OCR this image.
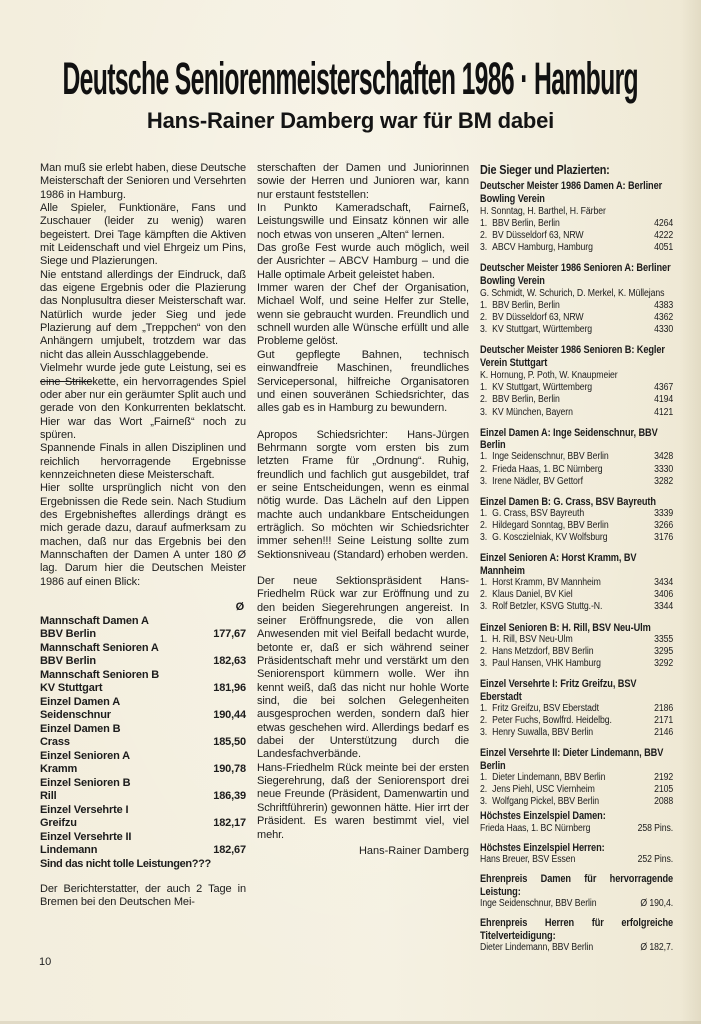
Deutsche Seniorenmeisterschaften 1986 · Hamburg
Hans-Rainer Damberg war für BM dabei

Man muß sie erlebt haben, diese Deutsche Meisterschaft der Senioren und Versehrten 1986 in Hamburg.

Alle Spieler, Funktionäre, Fans und Zuschauer (leider zu wenig) waren begeistert. Drei Tage kämpften die Aktiven mit Leidenschaft und viel Ehrgeiz um Pins, Siege und Plazierungen.

Nie entstand allerdings der Eindruck, daß das eigene Ergebnis oder die Plazierung das Nonplusultra dieser Meisterschaft war. Natürlich wurde jeder Sieg und jede Plazierung auf dem „Treppchen“ von den Anhängern umjubelt, trotzdem war das nicht das allein Ausschlaggebende.

Vielmehr wurde jede gute Leistung, sei es eine Strikekette, ein hervorragendes Spiel oder aber nur ein geräumter Split auch und gerade von den Konkurrenten beklatscht. Hier war das Wort „Fairneß“ noch zu spüren.

Spannende Finals in allen Disziplinen und reichlich hervorragende Ergebnisse kennzeichneten diese Meisterschaft.

Hier sollte ursprünglich nicht von den Ergebnissen die Rede sein. Nach Studium des Ergebnisheftes allerdings drängt es mich gerade dazu, darauf aufmerksam zu machen, daß nur das Ergebnis bei den Mannschaften der Damen A unter 180 Ø lag. Darum hier die Deutschen Meister 1986 auf einen Blick:

Ø
Mannschaft Damen A
BBV Berlin	177,67
Mannschaft Senioren A
BBV Berlin	182,63
Mannschaft Senioren B
KV Stuttgart	181,96
Einzel Damen A
Seidenschnur	190,44
Einzel Damen B
Crass	185,50
Einzel Senioren A
Kramm	190,78
Einzel Senioren B
Rill	186,39
Einzel Versehrte I
Greifzu	182,17
Einzel Versehrte II
Lindemann	182,67
Sind das nicht tolle Leistungen???

Der Berichterstatter, der auch 2 Tage in Bremen bei den Deutschen Mei-

sterschaften der Damen und Juniorinnen sowie der Herren und Junioren war, kann nur erstaunt feststellen:

In Punkto Kameradschaft, Fairneß, Leistungswille und Einsatz können wir alle noch etwas von unseren „Alten“ lernen.

Das große Fest wurde auch möglich, weil der Ausrichter – ABCV Hamburg – und die Halle optimale Arbeit geleistet haben.

Immer waren der Chef der Organisation, Michael Wolf, und seine Helfer zur Stelle, wenn sie gebraucht wurden. Freundlich und schnell wurden alle Wünsche erfüllt und alle Probleme gelöst.

Gut gepflegte Bahnen, technisch einwandfreie Maschinen, freundliches Servicepersonal, hilfreiche Organisatoren und einen souveränen Schiedsrichter, das alles gab es in Hamburg zu bewundern.

Apropos Schiedsrichter: Hans-Jürgen Behrmann sorgte vom ersten bis zum letzten Frame für „Ordnung“. Ruhig, freundlich und fachlich gut ausgebildet, traf er seine Entscheidungen, wenn es einmal nötig wurde. Das Lächeln auf den Lippen machte auch undankbare Entscheidungen erträglich. So möchten wir Schiedsrichter immer sehen!!! Seine Leistung sollte zum Sektionsniveau (Standard) erhoben werden.

Der neue Sektionspräsident Hans-Friedhelm Rück war zur Eröffnung und zu den beiden Siegerehrungen angereist. In seiner Eröffnungsrede, die von allen Anwesenden mit viel Beifall bedacht wurde, betonte er, daß er sich während seiner Präsidentschaft mehr und verstärkt um den Seniorensport kümmern wolle. Wer ihn kennt weiß, daß das nicht nur hohle Worte sind, die bei solchen Gelegenheiten ausgesprochen werden, sondern daß hier etwas geschehen wird. Allerdings bedarf es dabei der Unterstützung durch die Landesfachverbände.

Hans-Friedhelm Rück meinte bei der ersten Siegerehrung, daß der Seniorensport drei neue Freunde (Präsident, Damenwartin und Schriftführerin) gewonnen hätte. Hier irrt der Präsident. Es waren bestimmt viel, viel mehr.

Hans-Rainer Damberg

Die Sieger und Plazierten:
Deutscher Meister 1986 Damen A: Berliner Bowling Verein
H. Sonntag, H. Barthel, H. Färber
1. BBV Berlin, Berlin	4264
2. BV Düsseldorf 63, NRW	4222
3. ABCV Hamburg, Hamburg	4051
Deutscher Meister 1986 Senioren A: Berliner Bowling Verein
G. Schmidt, W. Schurich, D. Merkel, K. Müllejans
1. BBV Berlin, Berlin	4383
2. BV Düsseldorf 63, NRW	4362
3. KV Stuttgart, Württemberg	4330
Deutscher Meister 1986 Senioren B: Kegler Verein Stuttgart
K. Hornung, P. Poth, W. Knaupmeier
1. KV Stuttgart, Württemberg	4367
2. BBV Berlin, Berlin	4194
3. KV München, Bayern	4121
Einzel Damen A: Inge Seidenschnur, BBV Berlin
1. Inge Seidenschnur, BBV Berlin	3428
2. Frieda Haas, 1. BC Nürnberg	3330
3. Irene Nädler, BV Gettorf	3282
Einzel Damen B: G. Crass, BSV Bayreuth
1. G. Crass, BSV Bayreuth	3339
2. Hildegard Sonntag, BBV Berlin	3266
3. G. Kosczielniak, KV Wolfsburg	3176
Einzel Senioren A: Horst Kramm, BV Mannheim
1. Horst Kramm, BV Mannheim	3434
2. Klaus Daniel, BV Kiel	3406
3. Rolf Betzler, KSVG Stuttg.-N.	3344
Einzel Senioren B: H. Rill, BSV Neu-Ulm
1. H. Rill, BSV Neu-Ulm	3355
2. Hans Metzdorf, BBV Berlin	3295
3. Paul Hansen, VHK Hamburg	3292
Einzel Versehrte I: Fritz Greifzu, BSV Eberstadt
1. Fritz Greifzu, BSV Eberstadt	2186
2. Peter Fuchs, Bowlfrd. Heidelbg.	2171
3. Henry Suwalla, BBV Berlin	2146
Einzel Versehrte II: Dieter Lindemann, BBV Berlin
1. Dieter Lindemann, BBV Berlin	2192
2. Jens Piehl, USC Viernheim	2105
3. Wolfgang Pickel, BBV Berlin	2088
Höchstes Einzelspiel Damen:
Frieda Haas, 1. BC Nürnberg	258 Pins.
Höchstes Einzelspiel Herren:
Hans Breuer, BSV Essen	252 Pins.
Ehrenpreis Damen für hervorragende Leistung:
Inge Seidenschnur, BBV Berlin	Ø 190,4.
Ehrenpreis Herren für erfolgreiche Titelverteidigung:
Dieter Lindemann, BBV Berlin	Ø 182,7.
10
